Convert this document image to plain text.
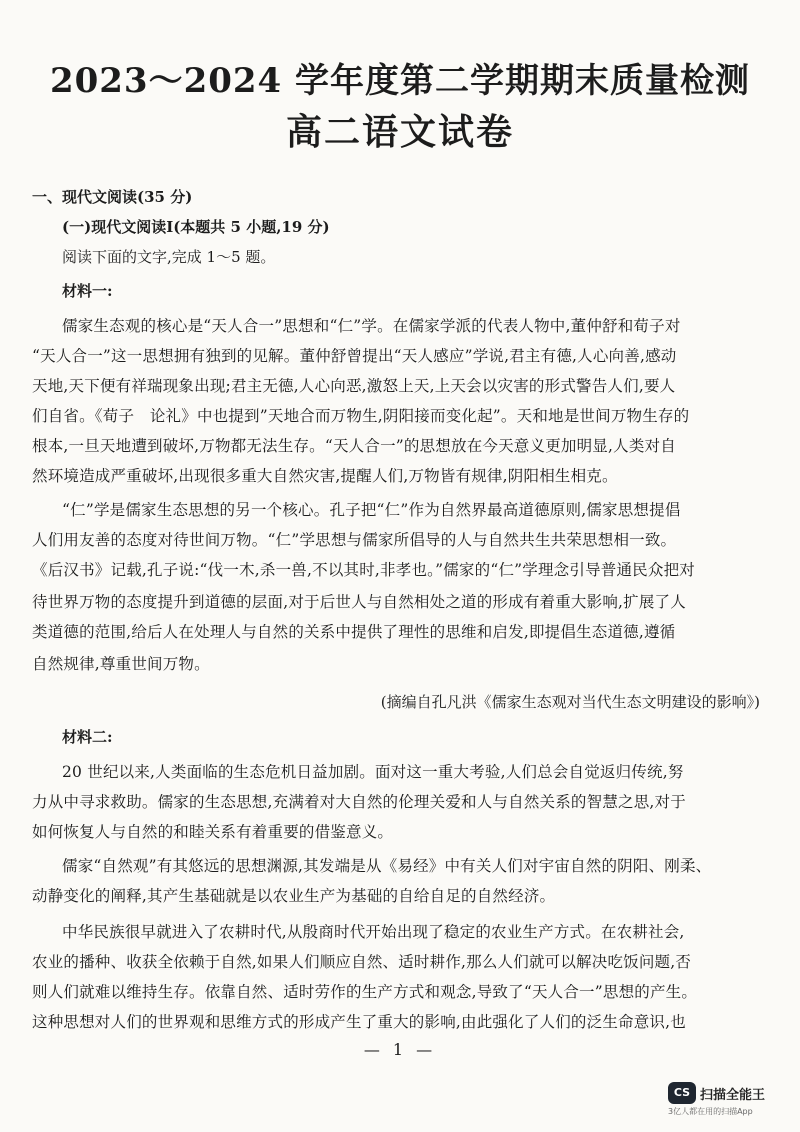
2023～2024 学年度第二学期期末质量检测
高二语文试卷
一、现代文阅读(35 分)
(一)现代文阅读Ⅰ(本题共 5 小题,19 分)
阅读下面的文字,完成 1～5 题。
材料一:
儒家生态观的核心是“天人合一”思想和“仁”学。在儒家学派的代表人物中,董仲舒和荀子对
“天人合一”这一思想拥有独到的见解。董仲舒曾提出“天人感应”学说,君主有德,人心向善,感动
天地,天下便有祥瑞现象出现;君主无德,人心向恶,激怒上天,上天会以灾害的形式警告人们,要人
们自省。《荀子　论礼》中也提到”天地合而万物生,阴阳接而变化起”。天和地是世间万物生存的
根本,一旦天地遭到破坏,万物都无法生存。“天人合一”的思想放在今天意义更加明显,人类对自
然环境造成严重破坏,出现很多重大自然灾害,提醒人们,万物皆有规律,阴阳相生相克。
“仁”学是儒家生态思想的另一个核心。孔子把“仁”作为自然界最高道德原则,儒家思想提倡
人们用友善的态度对待世间万物。“仁”学思想与儒家所倡导的人与自然共生共荣思想相一致。
《后汉书》记载,孔子说:“伐一木,杀一兽,不以其时,非孝也。”儒家的“仁”学理念引导普通民众把对
待世界万物的态度提升到道德的层面,对于后世人与自然相处之道的形成有着重大影响,扩展了人
类道德的范围,给后人在处理人与自然的关系中提供了理性的思维和启发,即提倡生态道德,遵循
自然规律,尊重世间万物。
(摘编自孔凡洪《儒家生态观对当代生态文明建设的影响》)
材料二:
20 世纪以来,人类面临的生态危机日益加剧。面对这一重大考验,人们总会自觉返归传统,努
力从中寻求救助。儒家的生态思想,充满着对大自然的伦理关爱和人与自然关系的智慧之思,对于
如何恢复人与自然的和睦关系有着重要的借鉴意义。
儒家“自然观”有其悠远的思想渊源,其发端是从《易经》中有关人们对宇宙自然的阴阳、刚柔、
动静变化的阐释,其产生基础就是以农业生产为基础的自给自足的自然经济。
中华民族很早就进入了农耕时代,从殷商时代开始出现了稳定的农业生产方式。在农耕社会,
农业的播种、收获全依赖于自然,如果人们顺应自然、适时耕作,那么人们就可以解决吃饭问题,否
则人们就难以维持生存。依靠自然、适时劳作的生产方式和观念,导致了“天人合一”思想的产生。
这种思想对人们的世界观和思维方式的形成产生了重大的影响,由此强化了人们的泛生命意识,也
— 1 —
CS 扫描全能王
3亿人都在用的扫描App
